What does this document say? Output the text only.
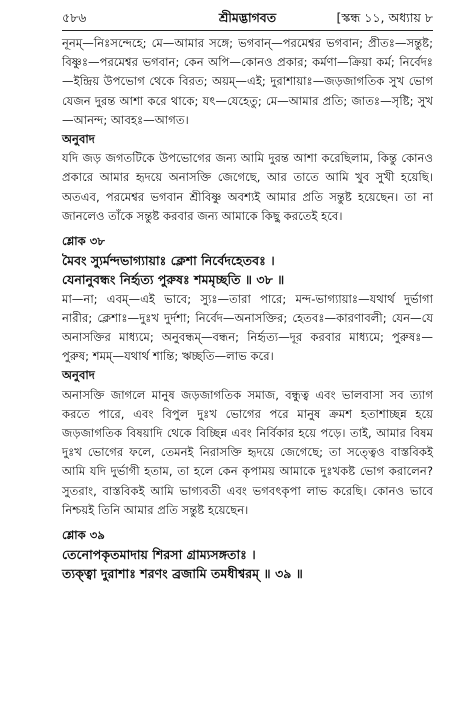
৫৮৬	শ্রীমদ্ভাগবত	[স্কন্ধ ১১, অধ্যায় ৮

নূনম্—নিঃসন্দেহে; মে—আমার সঙ্গে; ভগবান্—পরমেশ্বর ভগবান; প্রীতঃ—সন্তুষ্ট; বিষ্ণুঃ—পরমেশ্বর ভগবান; কেন অপি—কোনও প্রকার; কর্মণা—ক্রিয়া কর্ম; নির্বেদঃ—ইন্দ্রিয় উপভোগ থেকে বিরত; অয়ম্—এই; দুরাশায়াঃ—জড়জাগতিক সুখ ভোগ যেজন দুরন্ত আশা করে থাকে; যৎ—যেহেতু; মে—আমার প্রতি; জাতঃ—সৃষ্টি; সুখ—আনন্দ; আবহঃ—আগত।

অনুবাদ

যদি জড় জগতটিকে উপভোগের জন্য আমি দুরন্ত আশা করেছিলাম, কিন্তু কোনও প্রকারে আমার হৃদয়ে অনাসক্তি জেগেছে, আর তাতে আমি খুব সুখী হয়েছি। অতএব, পরমেশ্বর ভগবান শ্রীবিষ্ণু অবশ্যই আমার প্রতি সন্তুষ্ট হয়েছেন। তা না জানলেও তাঁকে সন্তুষ্ট করবার জন্য আমাকে কিছু করতেই হবে।

শ্লোক ৩৮

মৈবং স্যুর্মন্দভাগ্যায়াঃ ক্লেশা নির্বেদহেতবঃ ।

যেনানুবন্ধং নির্হৃত্য পুরুষঃ শমমৃচ্ছতি ॥ ৩৮ ॥

মা—না; এবম্—এই ভাবে; স্যুঃ—তারা পারে; মন্দ-ভাগ্যায়াঃ—যথার্থ দুর্ভাগা নারীর; ক্লেশাঃ—দুঃখ দুর্দশা; নির্বেদ—অনাসক্তির; হেতবঃ—কারণাবলী; যেন—যে অনাসক্তির মাধ্যমে; অনুবন্ধম্—বন্ধন; নির্হৃত্য—দূর করবার মাধ্যমে; পুরুষঃ—পুরুষ; শমম্—যথার্থ শান্তি; ঋচ্ছতি—লাভ করে।

অনুবাদ

অনাসক্তি জাগলে মানুষ জড়জাগতিক সমাজ, বন্ধুত্ব এবং ভালবাসা সব ত্যাগ করতে পারে, এবং বিপুল দুঃখ ভোগের পরে মানুষ ক্রমশ হতাশাচ্ছন্ন হয়ে জড়জাগতিক বিষয়াদি থেকে বিচ্ছিন্ন এবং নির্বিকার হয়ে পড়ে। তাই, আমার বিষম দুঃখ ভোগের ফলে, তেমনই নিরাসক্তি হৃদয়ে জেগেছে; তা সত্ত্বেও বাস্তবিকই আমি যদি দুর্ভাগী হতাম, তা হলে কেন কৃপাময় আমাকে দুঃখকষ্ট ভোগ করালেন? সুতরাং, বাস্তবিকই আমি ভাগ্যবতী এবং ভগবৎকৃপা লাভ করেছি। কোনও ভাবে নিশ্চয়ই তিনি আমার প্রতি সন্তুষ্ট হয়েছেন।

শ্লোক ৩৯

তেনোপকৃতমাদায় শিরসা গ্রাম্যসঙ্গতাঃ ।

ত্যক্ত্বা দুরাশাঃ শরণং ব্রজামি তমধীশ্বরম্ ॥ ৩৯ ॥
